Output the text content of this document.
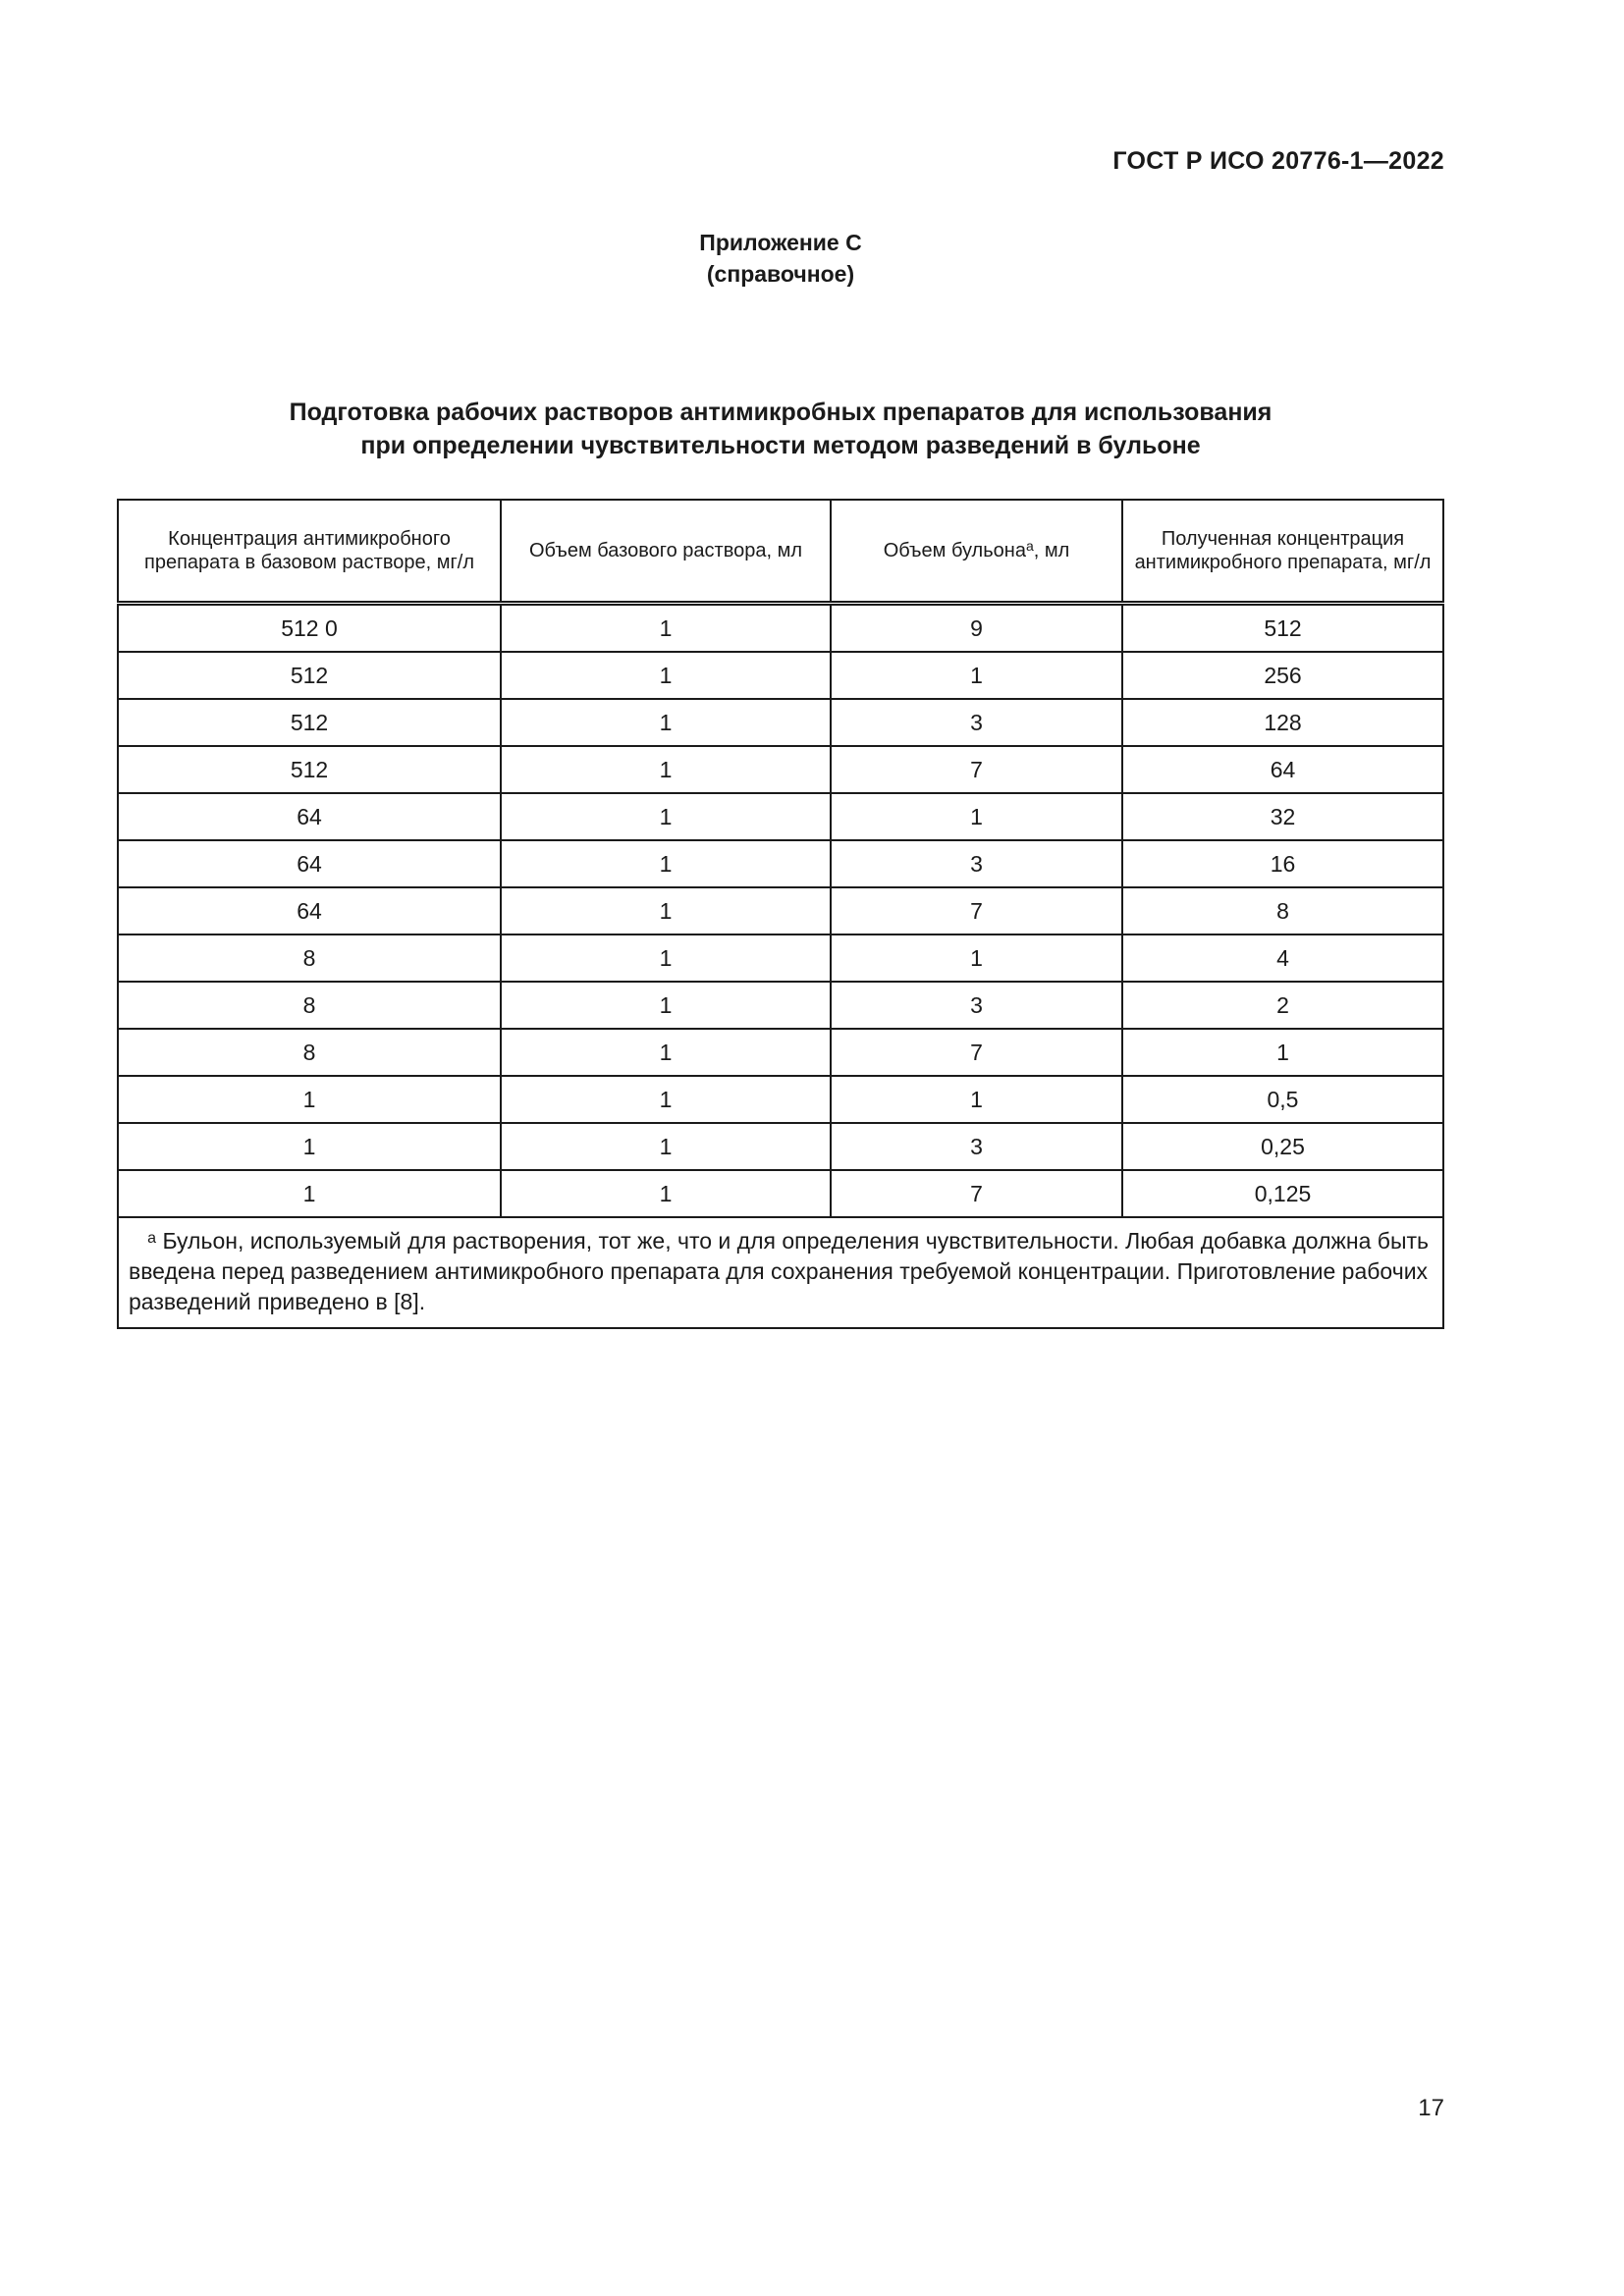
ГОСТ Р ИСО 20776-1—2022
Приложение С
(справочное)
Подготовка рабочих растворов антимикробных препаратов для использования
при определении чувствительности методом разведений в бульоне
Концентрация антимикробного препарата в базовом растворе, мг/л	Объем базового раствора, мл	Объем бульона$^а$, мл	Полученная концентрация антимикробного препарата, мг/л
512 0	1	9	512
512	1	1	256
512	1	3	128
512	1	7	64
64	1	1	32
64	1	3	16
64	1	7	8
8	1	1	4
8	1	3	2
8	1	7	1
1	1	1	0,5
1	1	3	0,25
1	1	7	0,125
$^а$ Бульон, используемый для растворения, тот же, что и для определения чувствительности. Любая добавка должна быть введена перед разведением антимикробного препарата для сохранения требуемой концентрации. Приготовление рабочих разведений приведено в [8].			
17
